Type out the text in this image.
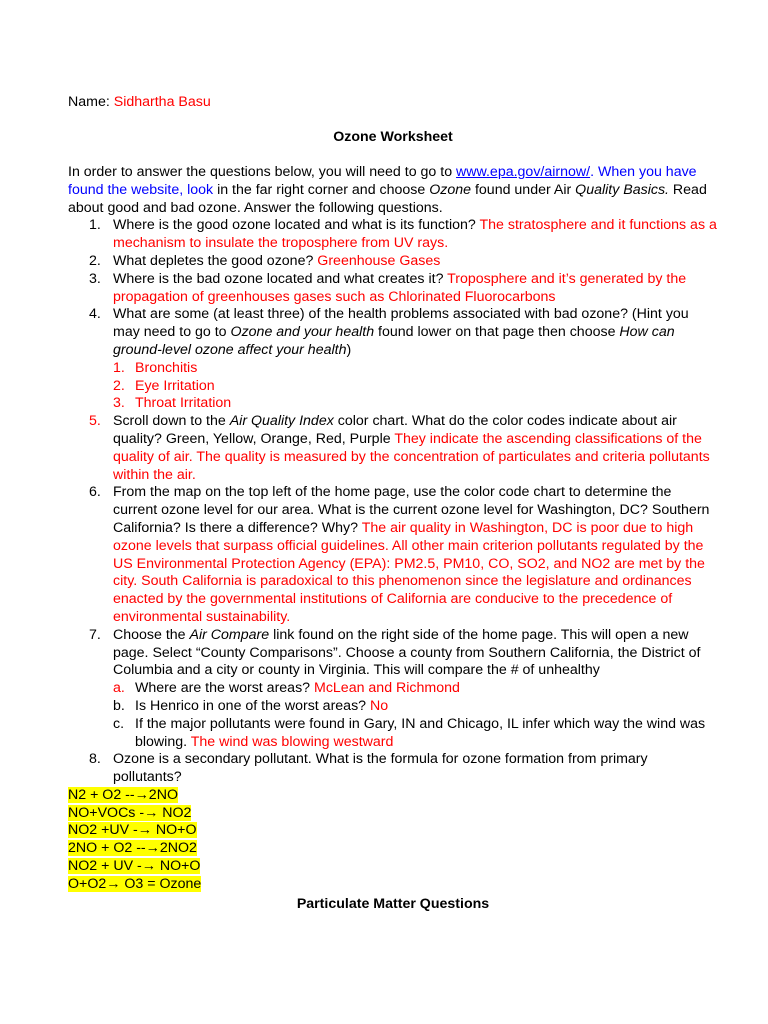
Name: Sidhartha Basu
Ozone Worksheet
In order to answer the questions below, you will need to go to www.epa.gov/airnow/. When you have found the website, look in the far right corner and choose Ozone found under Air Quality Basics. Read about good and bad ozone. Answer the following questions.
1. Where is the good ozone located and what is its function? The stratosphere and it functions as a mechanism to insulate the troposphere from UV rays.
2. What depletes the good ozone? Greenhouse Gases
3. Where is the bad ozone located and what creates it? Troposphere and it’s generated by the propagation of greenhouses gases such as Chlorinated Fluorocarbons
4. What are some (at least three) of the health problems associated with bad ozone? (Hint you may need to go to Ozone and your health found lower on that page then choose How can ground-level ozone affect your health)
1. Bronchitis
2. Eye Irritation
3. Throat Irritation
5. Scroll down to the Air Quality Index color chart. What do the color codes indicate about air quality? Green, Yellow, Orange, Red, Purple They indicate the ascending classifications of the quality of air. The quality is measured by the concentration of particulates and criteria pollutants within the air.
6. From the map on the top left of the home page, use the color code chart to determine the current ozone level for our area. What is the current ozone level for Washington, DC? Southern California? Is there a difference? Why? The air quality in Washington, DC is poor due to high ozone levels that surpass official guidelines. All other main criterion pollutants regulated by the US Environmental Protection Agency (EPA): PM2.5, PM10, CO, SO2, and NO2 are met by the city. South California is paradoxical to this phenomenon since the legislature and ordinances enacted by the governmental institutions of California are conducive to the precedence of environmental sustainability.
7. Choose the Air Compare link found on the right side of the home page. This will open a new page. Select “County Comparisons”. Choose a county from Southern California, the District of Columbia and a city or county in Virginia. This will compare the # of unhealthy
a. Where are the worst areas? McLean and Richmond
b. Is Henrico in one of the worst areas? No
c. If the major pollutants were found in Gary, IN and Chicago, IL infer which way the wind was blowing. The wind was blowing westward
8. Ozone is a secondary pollutant. What is the formula for ozone formation from primary pollutants?
N2 + O2 --→2NO
NO+VOCs -→ NO2
NO2 +UV -→ NO+O
2NO + O2 --→2NO2
NO2 + UV -→ NO+O
O+O2→ O3 = Ozone
Particulate Matter Questions
